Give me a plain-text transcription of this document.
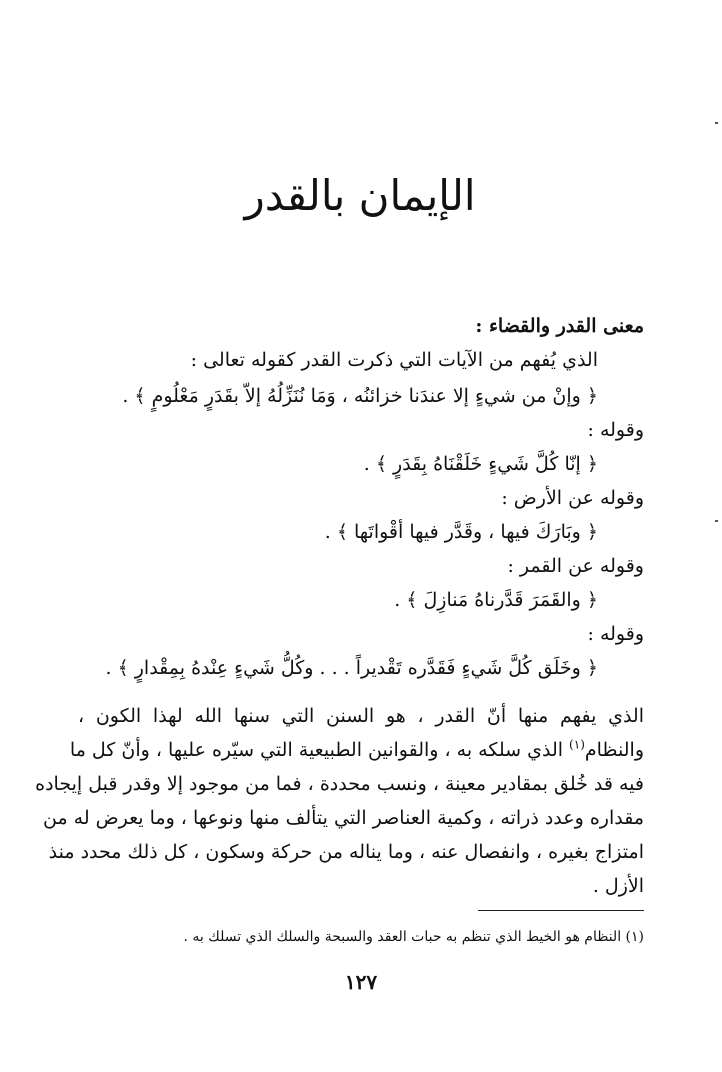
الإيمان بالقدر
معنى القدر والقضاء :
الذي يُفهم من الآيات التي ذكرت القدر كقوله تعالى :
﴿ وإنْ من شيءٍ إلا عندَنا خزائنُه ، وَمَا نُنَزِّلُهُ إلاّ بقَدَرٍ مَعْلُومٍ ﴾ .
وقوله :
﴿ إنّا كُلَّ شَيءٍ خَلَقْنَاهُ بِقَدَرٍ ﴾ .
وقوله عن الأرض :
﴿ وبَارَكَ فيها ، وقَدَّر فيها أقْواتَها ﴾ .
وقوله عن القمر :
﴿ والقَمَرَ قَدَّرناهُ مَنازِلَ ﴾ .
وقوله :
﴿ وخَلَق كُلَّ شَيءٍ فَقَدَّره تَقْديراً . . . وكُلُّ شَيءٍ عِنْدهُ بِمِقْدارٍ ﴾ .
الذي يفهم منها أنّ القدر ، هو السنن التي سنها الله لهذا الكون ،
والنظام$^{(١)}$ الذي سلكه به ، والقوانين الطبيعية التي سيّره عليها ، وأنّ كل ما
فيه قد خُلق بمقادير معينة ، ونسب محددة ، فما من موجود إلا وقدر قبل إيجاده
مقداره وعدد ذراته ، وكمية العناصر التي يتألف منها ونوعها ، وما يعرض له من
امتزاج بغيره ، وانفصال عنه ، وما يناله من حركة وسكون ، كل ذلك محدد منذ
الأزل .
(١) النظام هو الخيط الذي تنظم به حبات العقد والسبحة والسلك الذي تسلك به .
١٢٧
